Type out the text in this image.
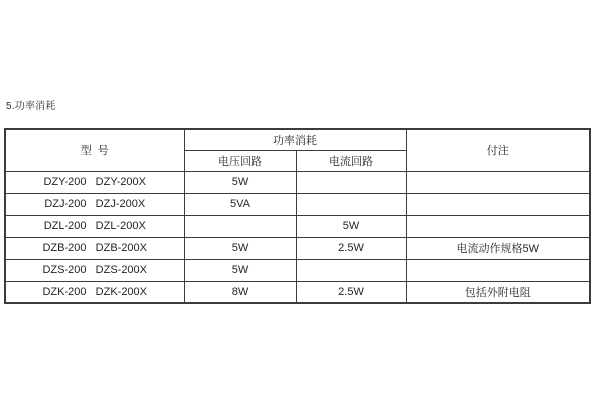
5.功率消耗
型  号	功率消耗		付注
	电压回路	电流回路	
DZY-200   DZY-200X	5W		
DZJ-200   DZJ-200X	5VA		
DZL-200   DZL-200X		5W	
DZB-200   DZB-200X	5W	2.5W	电流动作规格5W
DZS-200   DZS-200X	5W		
DZK-200   DZK-200X	8W	2.5W	包括外附电阻
